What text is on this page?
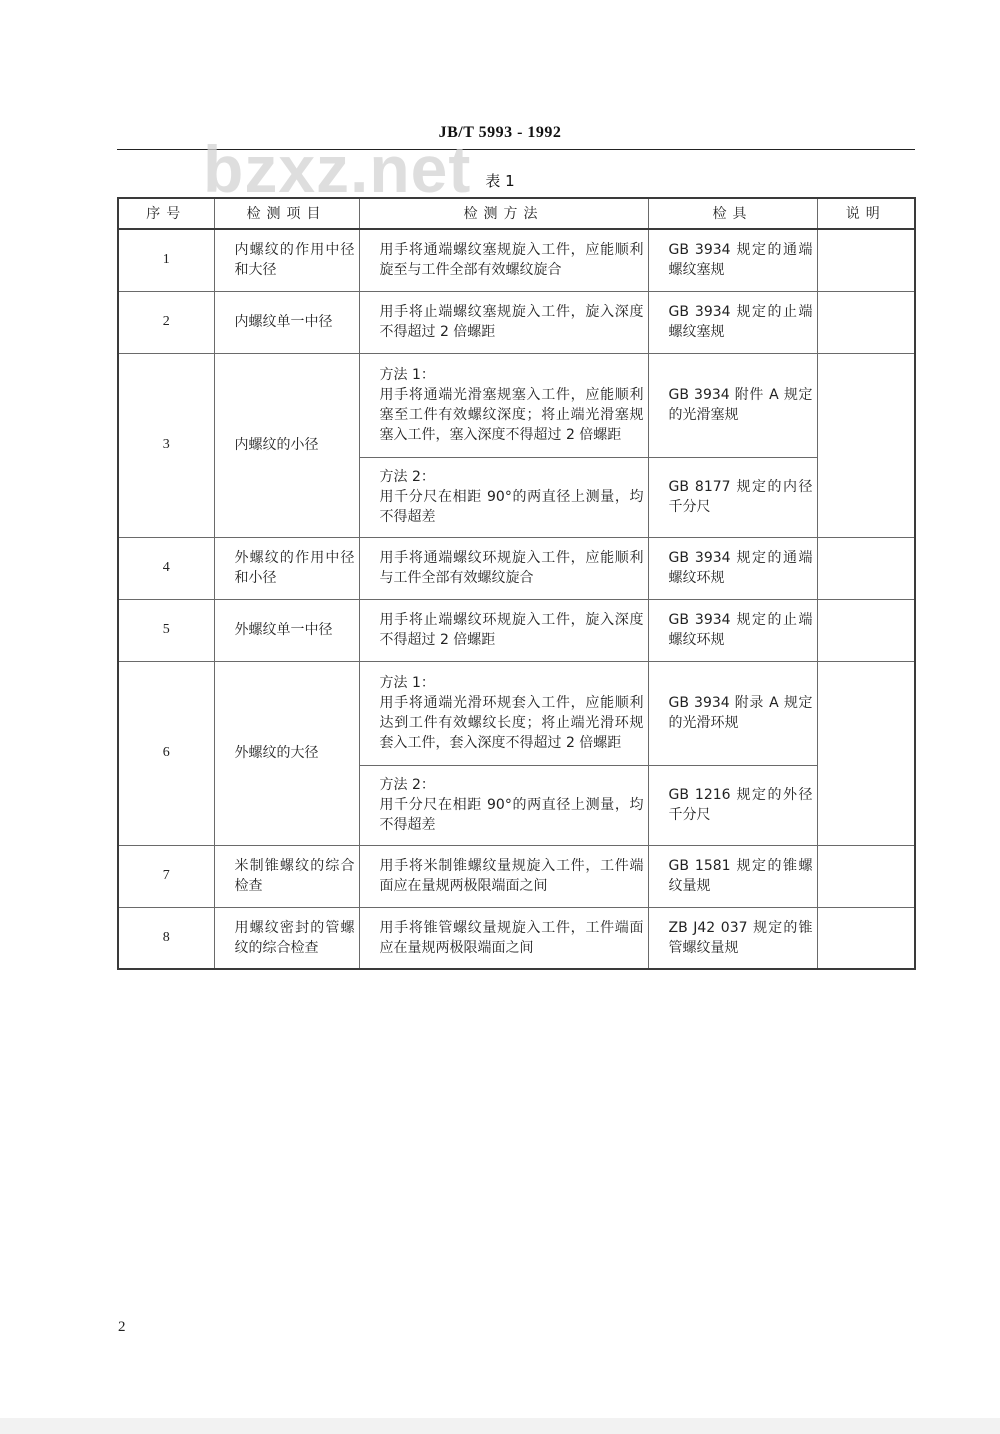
JB/T 5993 - 1992
bzxz.net 表 1
序号	检测项目	检测方法	检具	说明
1	内螺纹的作用中径和大径	用手将通端螺纹塞规旋入工件，应能顺利旋至与工件全部有效螺纹旋合	GB 3934 规定的通端螺纹塞规	

2	内螺纹单一中径	用手将止端螺纹塞规旋入工件，旋入深度不得超过 2 倍螺距	GB 3934 规定的止端螺纹塞规	

3	内螺纹的小径	方法 1：
用手将通端光滑塞规塞入工件，应能顺利塞至工件有效螺纹深度；将止端光滑塞规塞入工件，塞入深度不得超过 2 倍螺距	GB 3934 附件 A 规定的光滑塞规	

		方法 2：
用千分尺在相距 90°的两直径上测量，均不得超差	GB 8177 规定的内径千分尺	

4	外螺纹的作用中径和小径	用手将通端螺纹环规旋入工件，应能顺利与工件全部有效螺纹旋合	GB 3934 规定的通端螺纹环规	

5	外螺纹单一中径	用手将止端螺纹环规旋入工件，旋入深度不得超过 2 倍螺距	GB 3934 规定的止端螺纹环规	

6	外螺纹的大径	方法 1：
用手将通端光滑环规套入工件，应能顺利达到工件有效螺纹长度；将止端光滑环规套入工件，套入深度不得超过 2 倍螺距	GB 3934 附录 A 规定的光滑环规	

		方法 2：
用千分尺在相距 90°的两直径上测量，均不得超差	GB 1216 规定的外径千分尺	

7	米制锥螺纹的综合检查	用手将米制锥螺纹量规旋入工件，工件端面应在量规两极限端面之间	GB 1581 规定的锥螺纹量规	

8	用螺纹密封的管螺纹的综合检查	用手将锥管螺纹量规旋入工件，工件端面应在量规两极限端面之间	ZB J42 037 规定的锥管螺纹量规	

2
